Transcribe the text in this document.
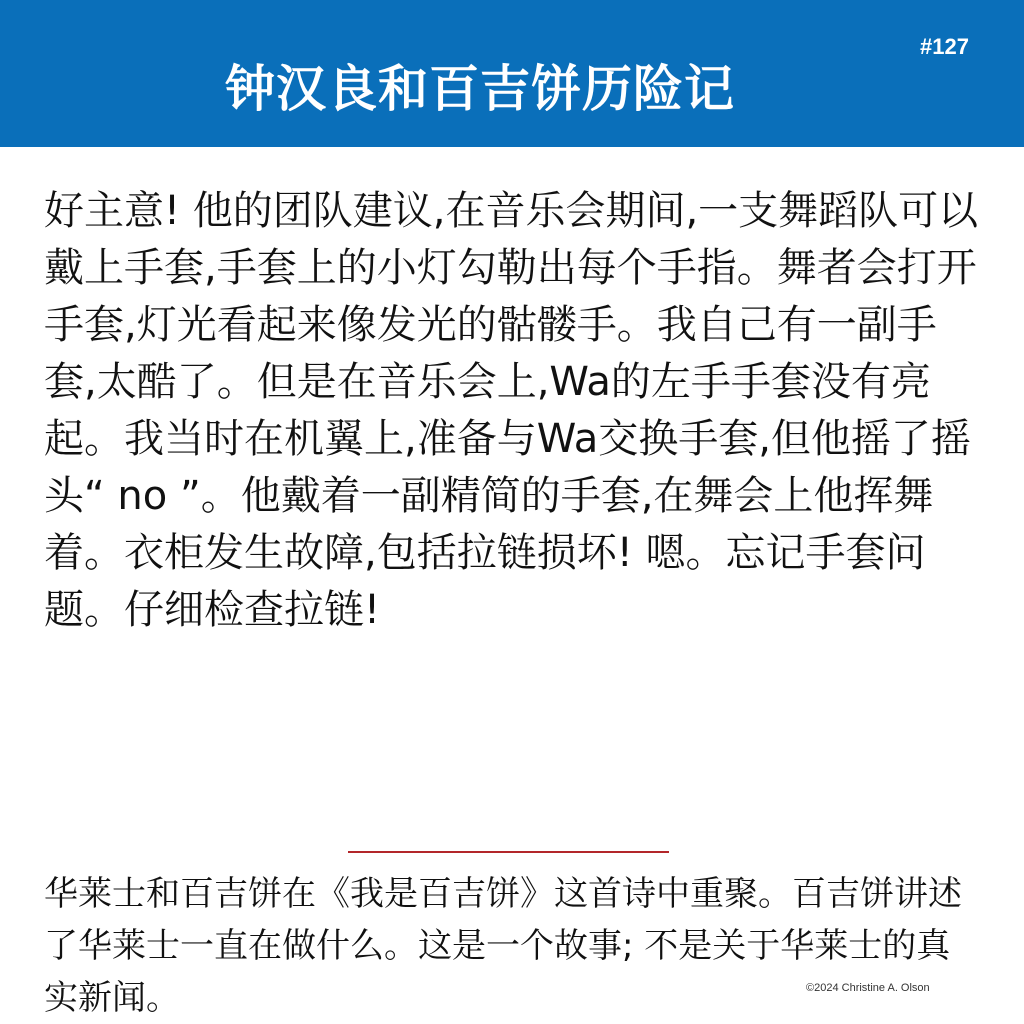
钟汉良和百吉饼历险记
#127
好主意! 他的团队建议,在音乐会期间,一支舞蹈队可以戴上手套,手套上的小灯勾勒出每个手指。舞者会打开手套,灯光看起来像发光的骷髅手。我自己有一副手套,太酷了。但是在音乐会上,Wa的左手手套没有亮起。我当时在机翼上,准备与Wa交换手套,但他摇了摇头“ no ”。他戴着一副精简的手套,在舞会上他挥舞着。衣柜发生故障,包括拉链损坏! 嗯。忘记手套问题。仔细检查拉链!
华莱士和百吉饼在《我是百吉饼》这首诗中重聚。百吉饼讲述了华莱士一直在做什么。这是一个故事; 不是关于华莱士的真实新闻。	©2024 Christine A. Olson
